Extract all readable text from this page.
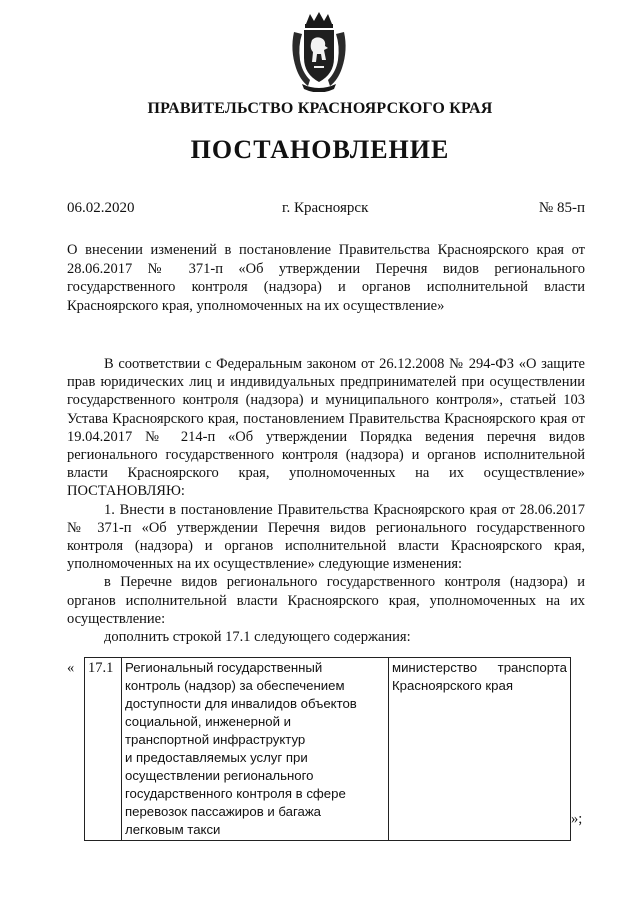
ПРАВИТЕЛЬСТВО КРАСНОЯРСКОГО КРАЯ
ПОСТАНОВЛЕНИЕ
06.02.2020	г. Красноярск	№ 85-п
О внесении изменений в постановление Правительства Красноярского края от 28.06.2017 № 371-п «Об утверждении Перечня видов регионального государственного контроля (надзора) и органов исполнительной власти Красноярского края, уполномоченных на их осуществление»

В соответствии с Федеральным законом от 26.12.2008 № 294-ФЗ «О защите прав юридических лиц и индивидуальных предпринимателей при осуществлении государственного контроля (надзора) и муниципального контроля», статьей 103 Устава Красноярского края, постановлением Правительства Красноярского края от 19.04.2017 № 214-п «Об утверждении Порядка ведения перечня видов регионального государственного контроля (надзора) и органов исполнительной власти Красноярского края, уполномоченных на их осуществление» ПОСТАНОВЛЯЮ:

1. Внести в постановление Правительства Красноярского края от 28.06.2017 № 371-п «Об утверждении Перечня видов регионального государственного контроля (надзора) и органов исполнительной власти Красноярского края, уполномоченных на их осуществление» следующие изменения:

в Перечне видов регионального государственного контроля (надзора) и органов исполнительной власти Красноярского края, уполномоченных на их осуществление:

дополнить строкой 17.1 следующего содержания:

« 17.1	Региональный государственный
контроль (надзор) за обеспечением
доступности для инвалидов объектов
социальной, инженерной и
транспортной инфраструктур
и предоставляемых услуг при
осуществлении регионального
государственного контроля в сфере
перевозок пассажиров и багажа
легковым такси
	министерство транспорта Красноярского края
»;
